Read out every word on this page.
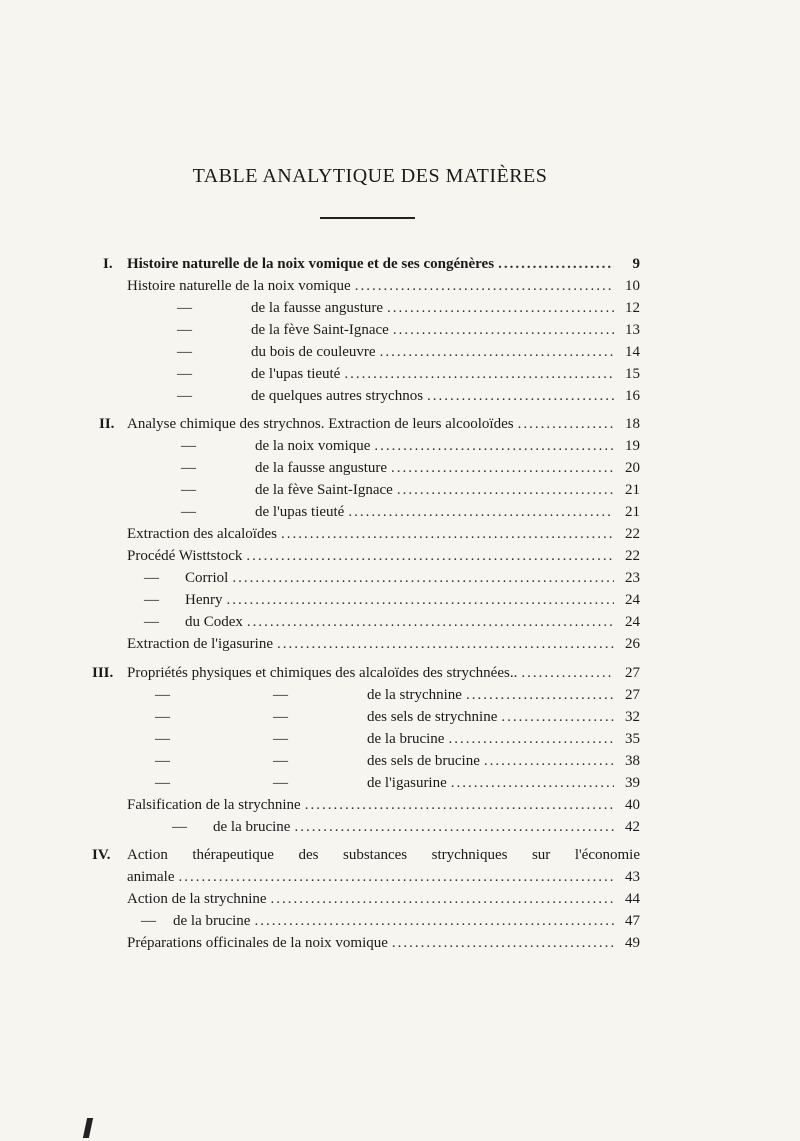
TABLE ANALYTIQUE DES MATIÈRES
I. Histoire naturelle de la noix vomique et de ses congénères .....	9
Histoire naturelle de la noix vomique .....	10
—	de la fausse angusture .....	12
—	de la fève Saint-Ignace .....	13
—	du bois de couleuvre .....	14
—	de l'upas tieuté .....	15
—	de quelques autres strychnos .....	16
II. Analyse chimique des strychnos. Extraction de leurs alcooloïdes .....	18
—	de la noix vomique .....	19
—	de la fausse angusture .....	20
—	de la fève Saint-Ignace .....	21
—	de l'upas tieuté .....	21
Extraction des alcaloïdes .....	22
Procédé Wisttstock .....	22
— Corriol .....	23
— Henry .....	24
— du Codex .....	24
Extraction de l'igasurine .....	26
III. Propriétés physiques et chimiques des alcaloïdes des strychnées.. .....	27
—	—	de la strychnine .....	27
—	—	des sels de strychnine .....	32
—	—	de la brucine .....	35
—	—	des sels de brucine .....	38
—	—	de l'igasurine .....	39
Falsification de la strychnine .....	40
— de la brucine .....	42
IV. Action thérapeutique des substances strychniques sur l'économie
animale .....	43
Action de la strychnine .....	44
— de la brucine .....	47
Préparations officinales de la noix vomique .....	49
